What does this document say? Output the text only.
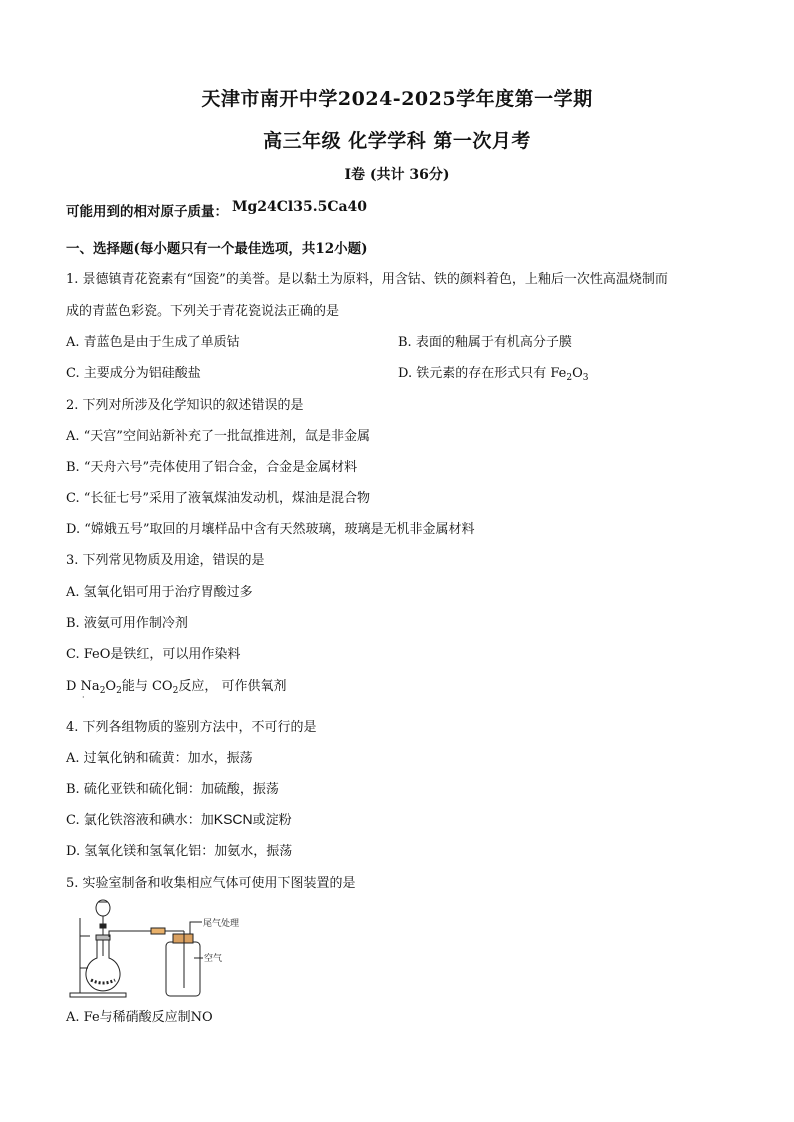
天津市南开中学2024-2025学年度第一学期
高三年级 化学学科 第一次月考
I卷 (共计 36分)
可能用到的相对原子质量： Mg24Cl35.5Ca40
一、选择题(每小题只有一个最佳选项，共12小题)
1. 景德镇青花瓷素有“国瓷”的美誉。是以黏土为原料，用含钴、铁的颜料着色，上釉后一次性高温烧制而
成的青蓝色彩瓷。下列关于青花瓷说法正确的是
A. 青蓝色是由于生成了单质钴	B. 表面的釉属于有机高分子膜
C. 主要成分为铝硅酸盐	D. 铁元素的存在形式只有 $Fe_2O_3$
2. 下列对所涉及化学知识的叙述错误的是
A. “天宫”空间站新补充了一批氙推进剂，氙是非金属
B. “天舟六号”壳体使用了铝合金，合金是金属材料
C. “长征七号”采用了液氧煤油发动机，煤油是混合物
D. “嫦娥五号”取回的月壤样品中含有天然玻璃，玻璃是无机非金属材料
3. 下列常见物质及用途，错误的是
A. 氢氧化铝可用于治疗胃酸过多
B. 液氨可用作制冷剂
C. FeO是铁红，可以用作染料
D $Na_2O_2$能与 $CO_2$反应， 可作供氧剂
·
4. 下列各组物质的鉴别方法中，不可行的是
A. 过氧化钠和硫黄：加水，振荡
B. 硫化亚铁和硫化铜：加硫酸，振荡
C. 氯化铁溶液和碘水：加KSCN或淀粉
D. 氢氧化镁和氢氧化铝：加氨水，振荡
5. 实验室制备和收集相应气体可使用下图装置的是
尾气处理
空气
A. Fe与稀硝酸反应制NO
